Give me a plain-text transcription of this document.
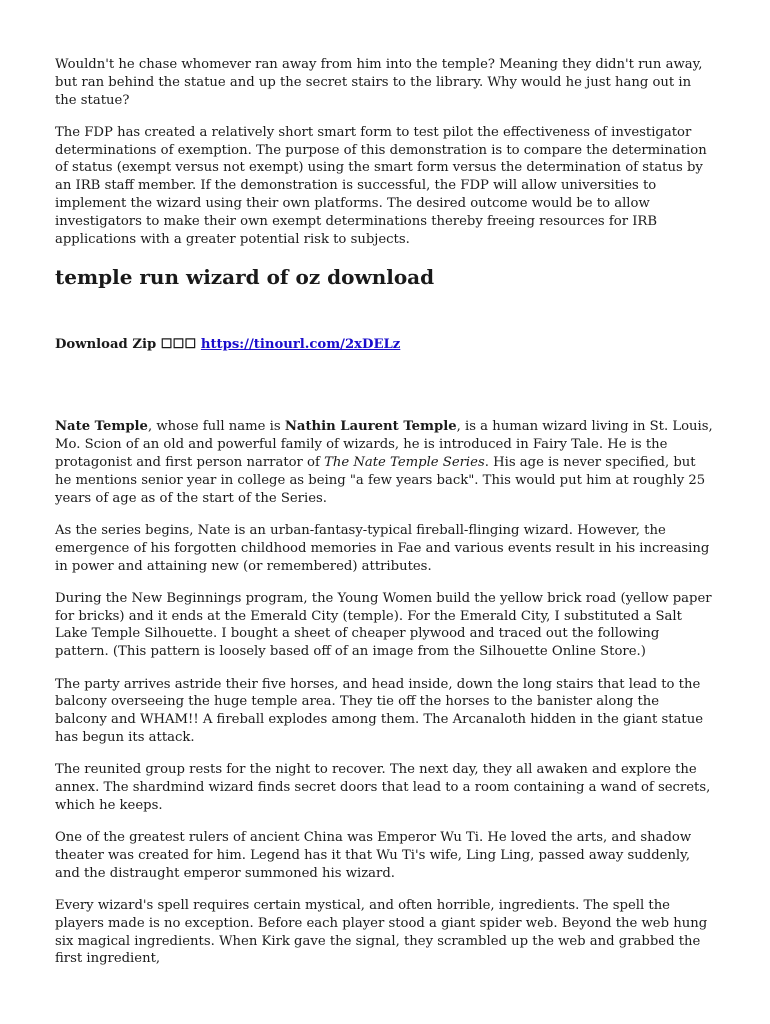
Wouldn't he chase whomever ran away from him into the temple? Meaning they didn't run away, but ran behind the statue and up the secret stairs to the library. Why would he just hang out in the statue?

The FDP has created a relatively short smart form to test pilot the effectiveness of investigator determinations of exemption. The purpose of this demonstration is to compare the determination of status (exempt versus not exempt) using the smart form versus the determination of status by an IRB staff member. If the demonstration is successful, the FDP will allow universities to implement the wizard using their own platforms. The desired outcome would be to allow investigators to make their own exempt determinations thereby freeing resources for IRB applications with a greater potential risk to subjects.

temple run wizard of oz download
Download Zip ☐☐☐ https://tinourl.com/2xDELz

Nate Temple, whose full name is Nathin Laurent Temple, is a human wizard living in St. Louis, Mo. Scion of an old and powerful family of wizards, he is introduced in Fairy Tale. He is the protagonist and first person narrator of The Nate Temple Series. His age is never specified, but he mentions senior year in college as being "a few years back". This would put him at roughly 25 years of age as of the start of the Series.

As the series begins, Nate is an urban-fantasy-typical fireball-flinging wizard. However, the emergence of his forgotten childhood memories in Fae and various events result in his increasing in power and attaining new (or remembered) attributes.

During the New Beginnings program, the Young Women build the yellow brick road (yellow paper for bricks) and it ends at the Emerald City (temple). For the Emerald City, I substituted a Salt Lake Temple Silhouette. I bought a sheet of cheaper plywood and traced out the following pattern. (This pattern is loosely based off of an image from the Silhouette Online Store.)

The party arrives astride their five horses, and head inside, down the long stairs that lead to the balcony overseeing the huge temple area. They tie off the horses to the banister along the balcony and WHAM!! A fireball explodes among them. The Arcanaloth hidden in the giant statue has begun its attack.

The reunited group rests for the night to recover. The next day, they all awaken and explore the annex. The shardmind wizard finds secret doors that lead to a room containing a wand of secrets, which he keeps.

One of the greatest rulers of ancient China was Emperor Wu Ti. He loved the arts, and shadow theater was created for him. Legend has it that Wu Ti's wife, Ling Ling, passed away suddenly, and the distraught emperor summoned his wizard.

Every wizard's spell requires certain mystical, and often horrible, ingredients. The spell the players made is no exception. Before each player stood a giant spider web. Beyond the web hung six magical ingredients. When Kirk gave the signal, they scrambled up the web and grabbed the first ingredient,
